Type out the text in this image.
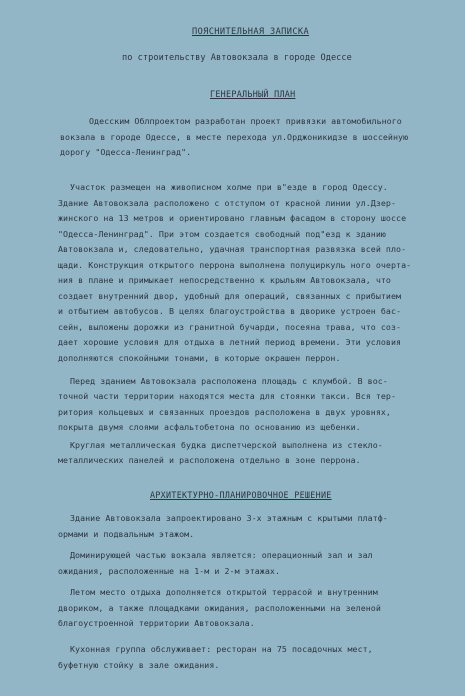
ПОЯСНИТЕЛЬНАЯ ЗАПИСКА
по строительству Автовокзала в городе Одессе
ГЕНЕРАЛЬНЫЙ ПЛАН
Одесским Облпроектом разработан проект привязки автомобильного
вокзала в городе Одессе, в месте перехода ул.Орджоникидзе в шоссейную
дорогу "Одесса-Ленинград".
Участок размещен на живописном холме при в"езде в город Одессу.
Здание Автовокзала расположено с отступом от красной линии ул.Дзер-
жинского на 13 метров и ориентировано главным фасадом в сторону шоссе
"Одесса-Ленинград". При этом создается свободный под"езд к зданию
Автовокзала и, следовательно, удачная транспортная развязка всей пло-
щади. Конструкция открытого перрона выполнена полуциркуль ного очерта-
ния в плане и примыкает непосредственно к крыльям Автовокзала, что
создает внутренний двор, удобный для операций, связанных с прибытием
и отбытием автобусов. В целях благоустройства в дворике устроен бас-
сейн, выложены дорожки из гранитной бучарди, посеяна трава, что соз-
дает хорошие условия для отдыха в летний период времени. Эти условия
дополняются спокойными тонами, в которые окрашен перрон.
Перед зданием Автовокзала расположена площадь с клумбой. В вос-
точной части территории находятся места для стоянки такси. Вся тер-
ритория кольцевых и связанных проездов расположена в двух уровнях,
покрыта двумя слоями асфальтобетона по основанию из щебенки.
Круглая металлическая будка диспетчерской выполнена из стекло-
металлических панелей и расположена отдельно в зоне перрона.
АРХИТЕКТУРНО-ПЛАНИРОВОЧНОЕ РЕШЕНИЕ
Здание Автовокзала запроектировано 3-х этажным с крытыми платф-
ормами и подвальным этажом.
Доминирующей частью вокзала является: операционный зал и зал
ожидания, расположенные на 1-м и 2-м этажах.
Летом место отдыха дополняется открытой террасой и внутренним
двориком, а также площадками ожидания, расположенными на зеленой
благоустроенной территории Автовокзала.
Кухонная группа обслуживает: ресторан на 75 посадочных мест,
буфетную стойку в зале ожидания.
